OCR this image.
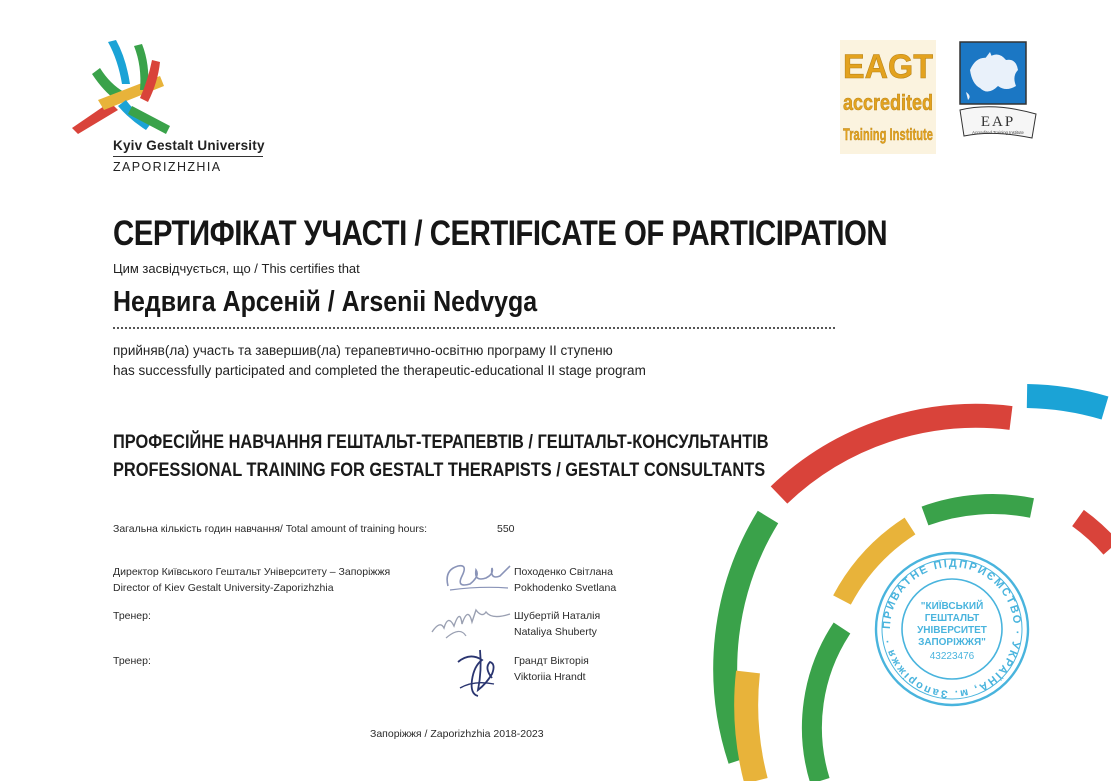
Kyiv Gestalt University
ZAPORIZHZHIA
EAGT
accredited
Training Institute
EAP
Accredited Training Institute
СЕРТИФІКАТ УЧАСТІ / CERTIFICATE OF PARTICIPATION
Цим засвідчується, що / This certifies that
Недвига Арсеній / Arsenii Nedvyga
прийняв(ла) участь та завершив(ла) терапевтично-освітню програму ІІ ступеню
has successfully participated and completed the therapeutic-educational II stage program
ПРОФЕСІЙНЕ НАВЧАННЯ ГЕШТАЛЬТ-ТЕРАПЕВТІВ / ГЕШТАЛЬТ-КОНСУЛЬТАНТІВ
PROFESSIONAL TRAINING FOR GESTALT THERAPISTS / GESTALT CONSULTANTS
Загальна кількість годин навчання/ Total amount of training hours:	550
Директор Київського Гештальт Університету – Запоріжжя
Director of Kiev Gestalt University-Zaporizhzhia
Походенко Світлана
Pokhodenko Svetlana
Тренер:	Шубертій Наталія
Nataliya Shuberty
Тренер:	Грандт Вікторія
Viktoriia Hrandt
ПРИВАТНЕ ПІДПРИЄМСТВО · УКРАЇНА, м. Запоріжжя ·
"КИЇВСЬКИЙ
ГЕШТАЛЬТ
УНІВЕРСИТЕТ
ЗАПОРІЖЖЯ"
43223476
Запоріжжя / Zaporizhzhia 2018-2023
